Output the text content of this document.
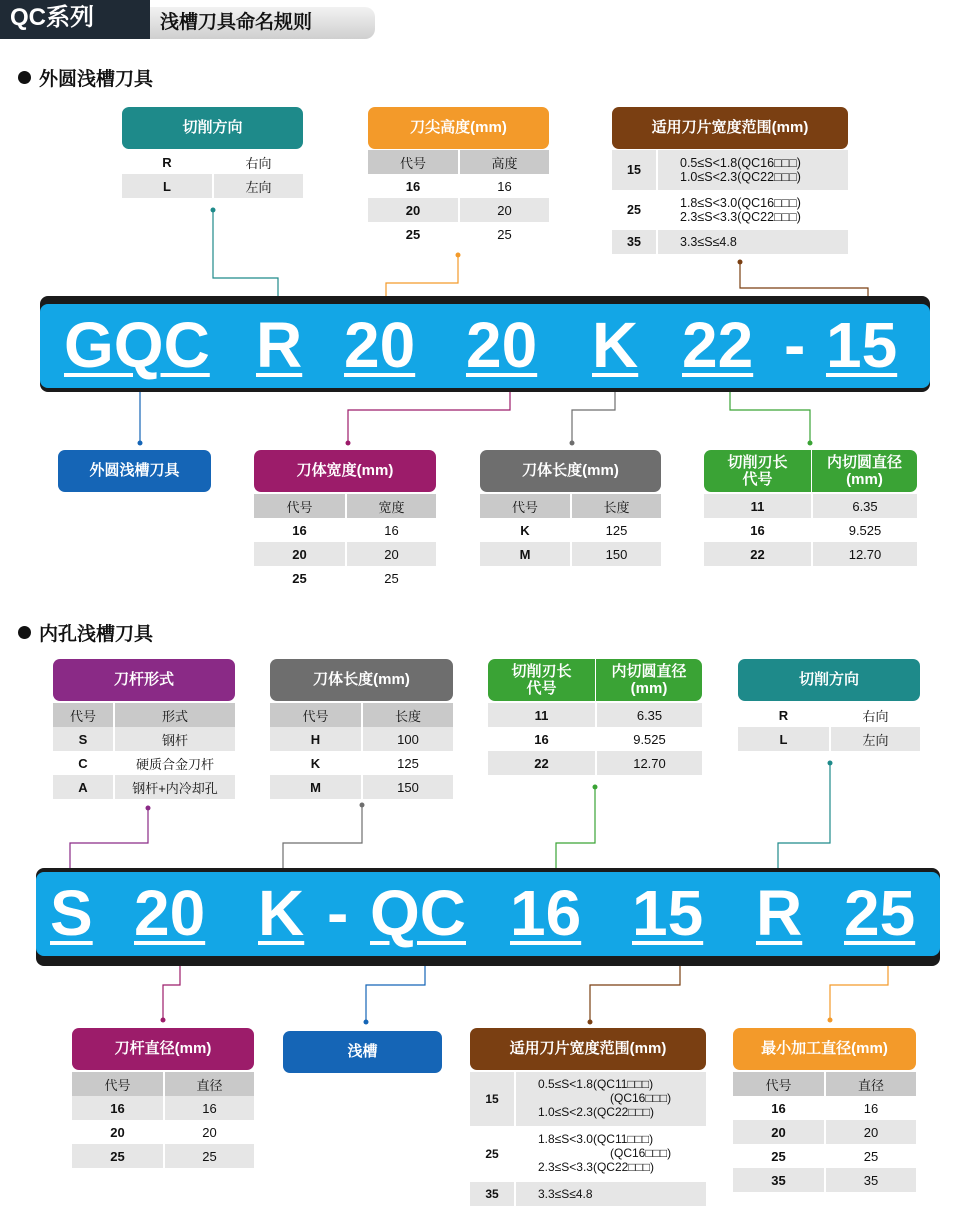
QC系列	浅槽刀具命名规则
外圆浅槽刀具
切削方向
R	右向
L	左向
刀尖高度(mm)
代号	高度
16	16
20	20
25	25
适用刀片宽度范围(mm)
15	0.5≤S<1.8(QC16□□□)
1.0≤S<2.3(QC22□□□)

25	1.8≤S<3.0(QC16□□□)
2.3≤S<3.3(QC22□□□)

35	3.3≤S≤4.8
GQC R 20 20 K 22 - 15
外圆浅槽刀具	刀体宽度(mm)
代号	宽度
16	16
20	20
25	25
刀体长度(mm)
代号	长度
K	125
M	150
切削刃长
代号
内切圆直径
(mm)
11	6.35
16	9.525
22	12.70
内孔浅槽刀具
刀杆形式
代号	形式
S	钢杆
C	硬质合金刀杆
A	钢杆+内冷却孔
刀体长度(mm)
代号	长度
H	100
K	125
M	150
切削刃长
代号
内切圆直径
(mm)
11	6.35
16	9.525
22	12.70
切削方向
R	右向
L	左向
S 20 K - QC 16 15 R 25
刀杆直径(mm)
代号	直径
16	16
20	20
25	25
浅槽	适用刀片宽度范围(mm)
15	0.5≤S<1.8(QC11□□□)
(QC16□□□)
1.0≤S<2.3(QC22□□□)

25	1.8≤S<3.0(QC11□□□)
(QC16□□□)
2.3≤S<3.3(QC22□□□)

35	3.3≤S≤4.8
最小加工直径(mm)
代号	直径
16	16
20	20
25	25
35	35
